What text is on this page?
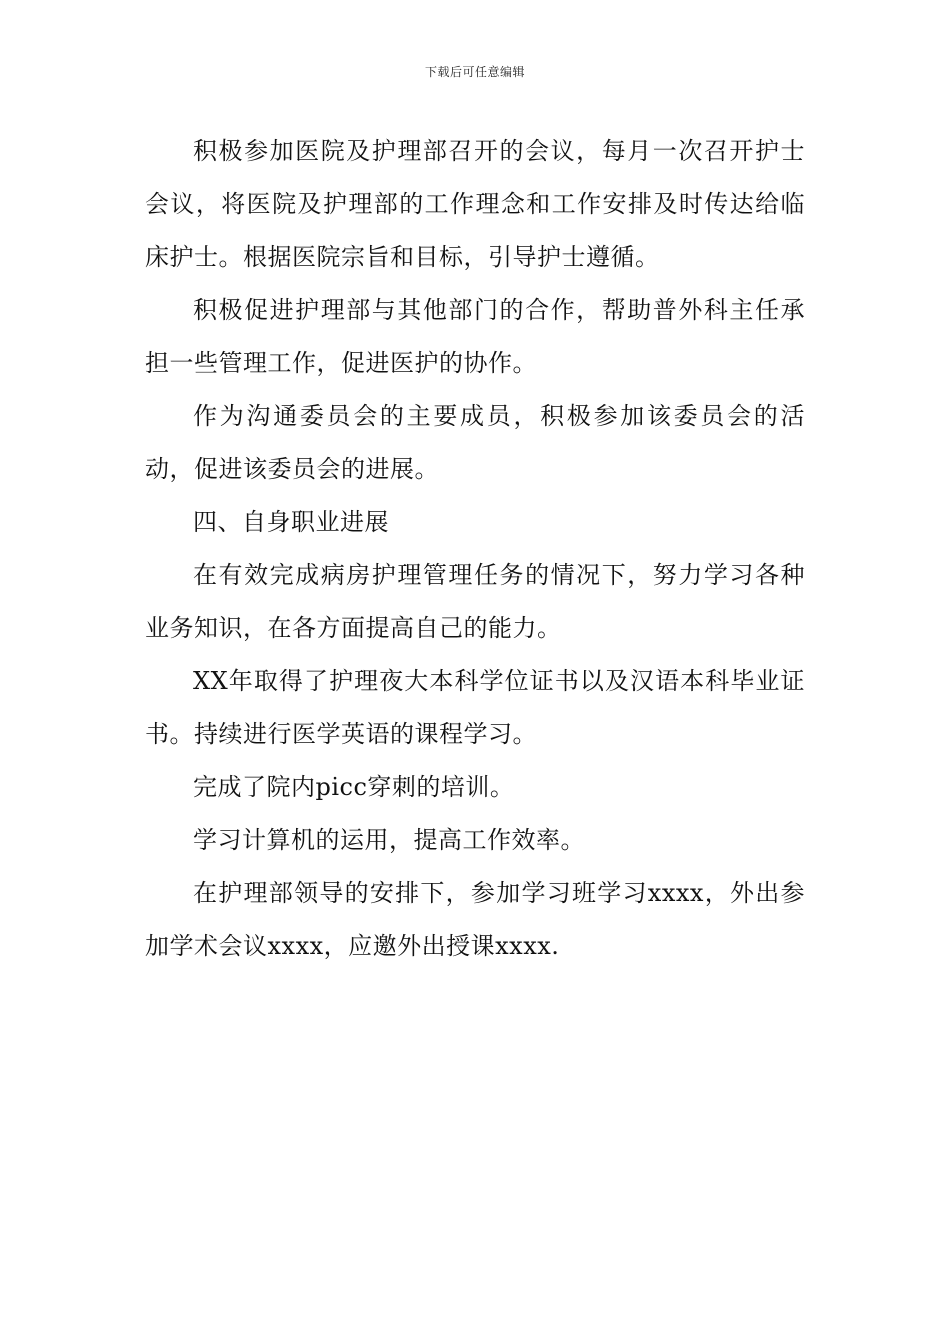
下载后可任意编辑

积极参加医院及护理部召开的会议，每月一次召开护士会议，将医院及护理部的工作理念和工作安排及时传达给临床护士。根据医院宗旨和目标，引导护士遵循。

积极促进护理部与其他部门的合作，帮助普外科主任承担一些管理工作，促进医护的协作。

作为沟通委员会的主要成员，积极参加该委员会的活动，促进该委员会的进展。

四、自身职业进展

在有效完成病房护理管理任务的情况下，努力学习各种业务知识，在各方面提高自己的能力。

XX年取得了护理夜大本科学位证书以及汉语本科毕业证书。持续进行医学英语的课程学习。

完成了院内picc穿刺的培训。

学习计算机的运用，提高工作效率。

在护理部领导的安排下，参加学习班学习xxxx，外出参加学术会议xxxx，应邀外出授课xxxx.
